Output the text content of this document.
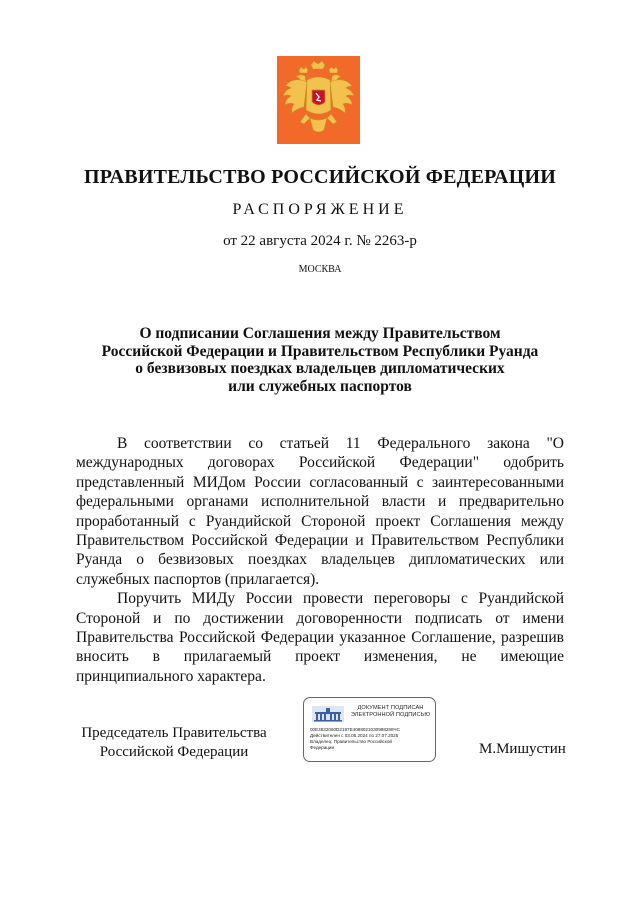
ПРАВИТЕЛЬСТВО РОССИЙСКОЙ ФЕДЕРАЦИИ
РАСПОРЯЖЕНИЕ
от 22 августа 2024 г. № 2263-р
МОСКВА
О подписании Соглашения между Правительством
Российской Федерации и Правительством Республики Руанда
о безвизовых поездках владельцев дипломатических
или служебных паспортов

В соответствии со статьей 11 Федерального закона "О международных договорах Российской Федерации" одобрить представленный МИДом России согласованный с заинтересованными федеральными органами исполнительной власти и предварительно проработанный с Руандийской Стороной проект Соглашения между Правительством Российской Федерации и Правительством Республики Руанда о безвизовых поездках владельцев дипломатических или служебных паспортов (прилагается).

Поручить МИДу России провести переговоры с Руандийской Стороной и по достижении договоренности подписать от имени Правительства Российской Федерации указанное Соглашение, разрешив вносить в прилагаемый проект изменения, не имеющие принципиального характера.

Председатель Правительства
Российской Федерации
ДОКУМЕНТ ПОДПИСАН
ЭЛЕКТРОННОЙ ПОДПИСЬЮ
00E3832060D2197E4098021030998288ЧС
Действителен с 03.05.2024 по 27.07.2025
Владелец: Правительство Российской
Федерации	М.Мишустин
